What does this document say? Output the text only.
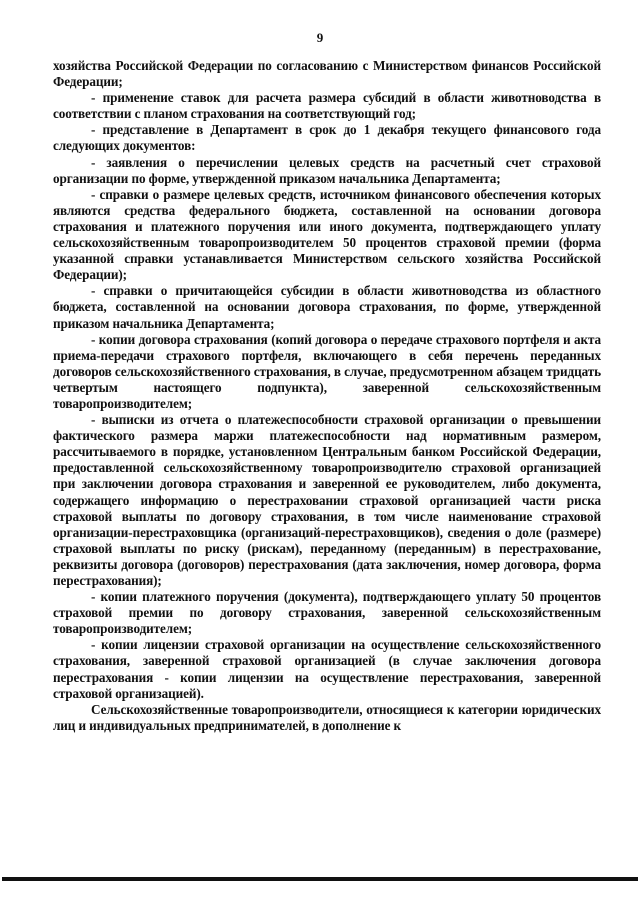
9

хозяйства Российской Федерации по согласованию с Министерством финансов Российской Федерации;

- применение ставок для расчета размера субсидий в области животноводства в соответствии с планом страхования на соответствующий год;

- представление в Департамент в срок до 1 декабря текущего финансового года следующих документов:

- заявления о перечислении целевых средств на расчетный счет страховой организации по форме, утвержденной приказом начальника Департамента;

- справки о размере целевых средств, источником финансового обеспечения которых являются средства федерального бюджета, составленной на основании договора страхования и платежного поручения или иного документа, подтверждающего уплату сельскохозяйственным товаропроизводителем 50 процентов страховой премии (форма указанной справки устанавливается Министерством сельского хозяйства Российской Федерации);

- справки о причитающейся субсидии в области животноводства из областного бюджета, составленной на основании договора страхования, по форме, утвержденной приказом начальника Департамента;

- копии договора страхования (копий договора о передаче страхового портфеля и акта приема-передачи страхового портфеля, включающего в себя перечень переданных договоров сельскохозяйственного страхования, в случае, предусмотренном абзацем тридцать четвертым настоящего подпункта), заверенной сельскохозяйственным товаропроизводителем;

- выписки из отчета о платежеспособности страховой организации о превышении фактического размера маржи платежеспособности над нормативным размером, рассчитываемого в порядке, установленном Центральным банком Российской Федерации, предоставленной сельскохозяйственному товаропроизводителю страховой организацией при заключении договора страхования и заверенной ее руководителем, либо документа, содержащего информацию о перестраховании страховой организацией части риска страховой выплаты по договору страхования, в том числе наименование страховой организации-перестраховщика (организаций-перестраховщиков), сведения о доле (размере) страховой выплаты по риску (рискам), переданному (переданным) в перестрахование, реквизиты договора (договоров) перестрахования (дата заключения, номер договора, форма перестрахования);

- копии платежного поручения (документа), подтверждающего уплату 50 процентов страховой премии по договору страхования, заверенной сельскохозяйственным товаропроизводителем;

- копии лицензии страховой организации на осуществление сельскохозяйственного страхования, заверенной страховой организацией (в случае заключения договора перестрахования - копии лицензии на осуществление перестрахования, заверенной страховой организацией).

Сельскохозяйственные товаропроизводители, относящиеся к категории юридических лиц и индивидуальных предпринимателей, в дополнение к
